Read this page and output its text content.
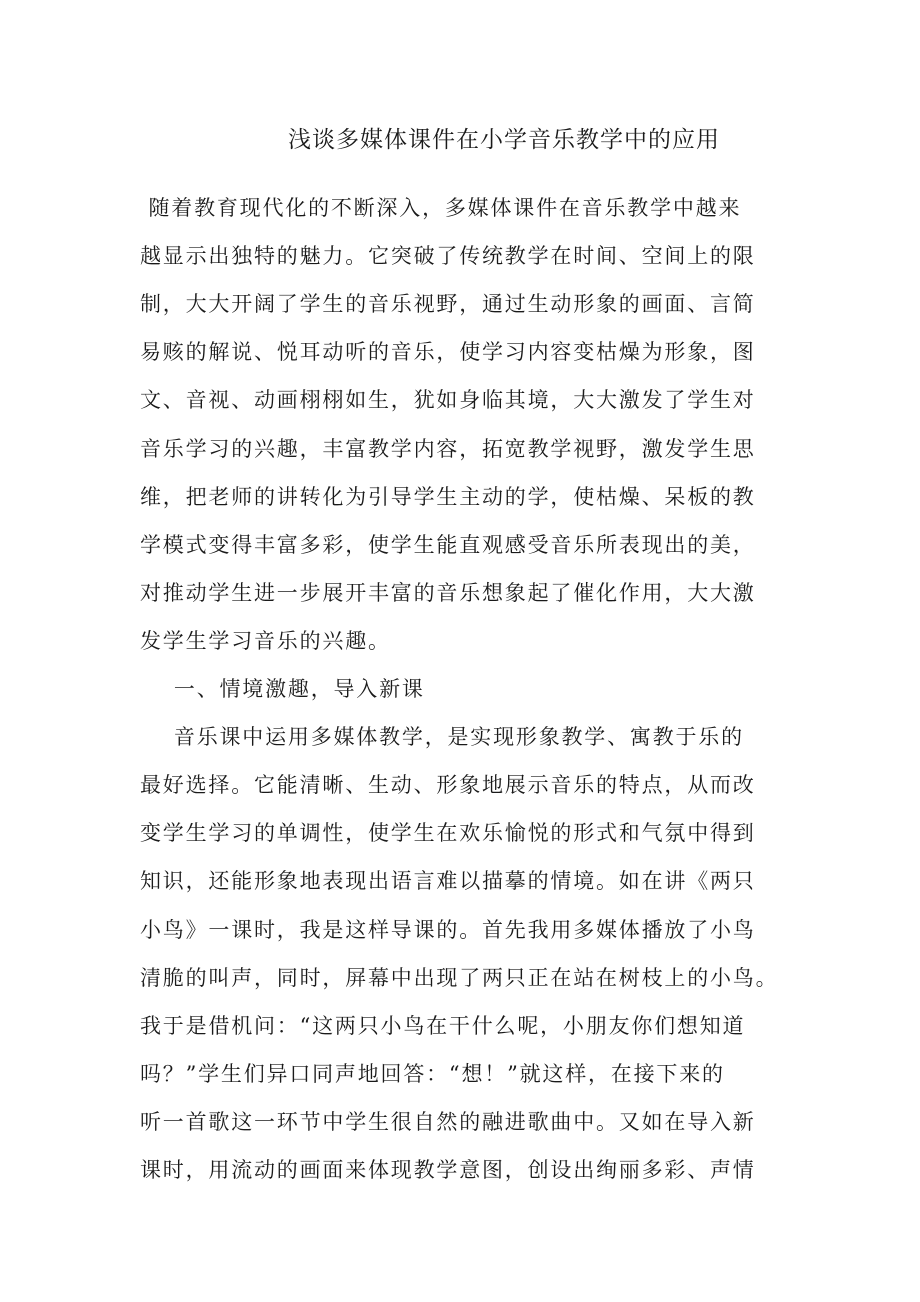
浅谈多媒体课件在小学音乐教学中的应用
随着教育现代化的不断深入，多媒体课件在音乐教学中越来
越显示出独特的魅力。它突破了传统教学在时间、空间上的限
制，大大开阔了学生的音乐视野，通过生动形象的画面、言简
易赅的解说、悦耳动听的音乐，使学习内容变枯燥为形象，图
文、音视、动画栩栩如生，犹如身临其境，大大激发了学生对
音乐学习的兴趣，丰富教学内容，拓宽教学视野，激发学生思
维，把老师的讲转化为引导学生主动的学，使枯燥、呆板的教
学模式变得丰富多彩，使学生能直观感受音乐所表现出的美，
对推动学生进一步展开丰富的音乐想象起了催化作用，大大激
发学生学习音乐的兴趣。
一、情境激趣，导入新课
音乐课中运用多媒体教学，是实现形象教学、寓教于乐的
最好选择。它能清晰、生动、形象地展示音乐的特点，从而改
变学生学习的单调性，使学生在欢乐愉悦的形式和气氛中得到
知识，还能形象地表现出语言难以描摹的情境。如在讲《两只
小鸟》一课时，我是这样导课的。首先我用多媒体播放了小鸟
清脆的叫声，同时，屏幕中出现了两只正在站在树枝上的小鸟。
我于是借机问：“这两只小鸟在干什么呢，小朋友你们想知道
吗？”学生们异口同声地回答：“想！”就这样，在接下来的
听一首歌这一环节中学生很自然的融进歌曲中。又如在导入新
课时，用流动的画面来体现教学意图，创设出绚丽多彩、声情
